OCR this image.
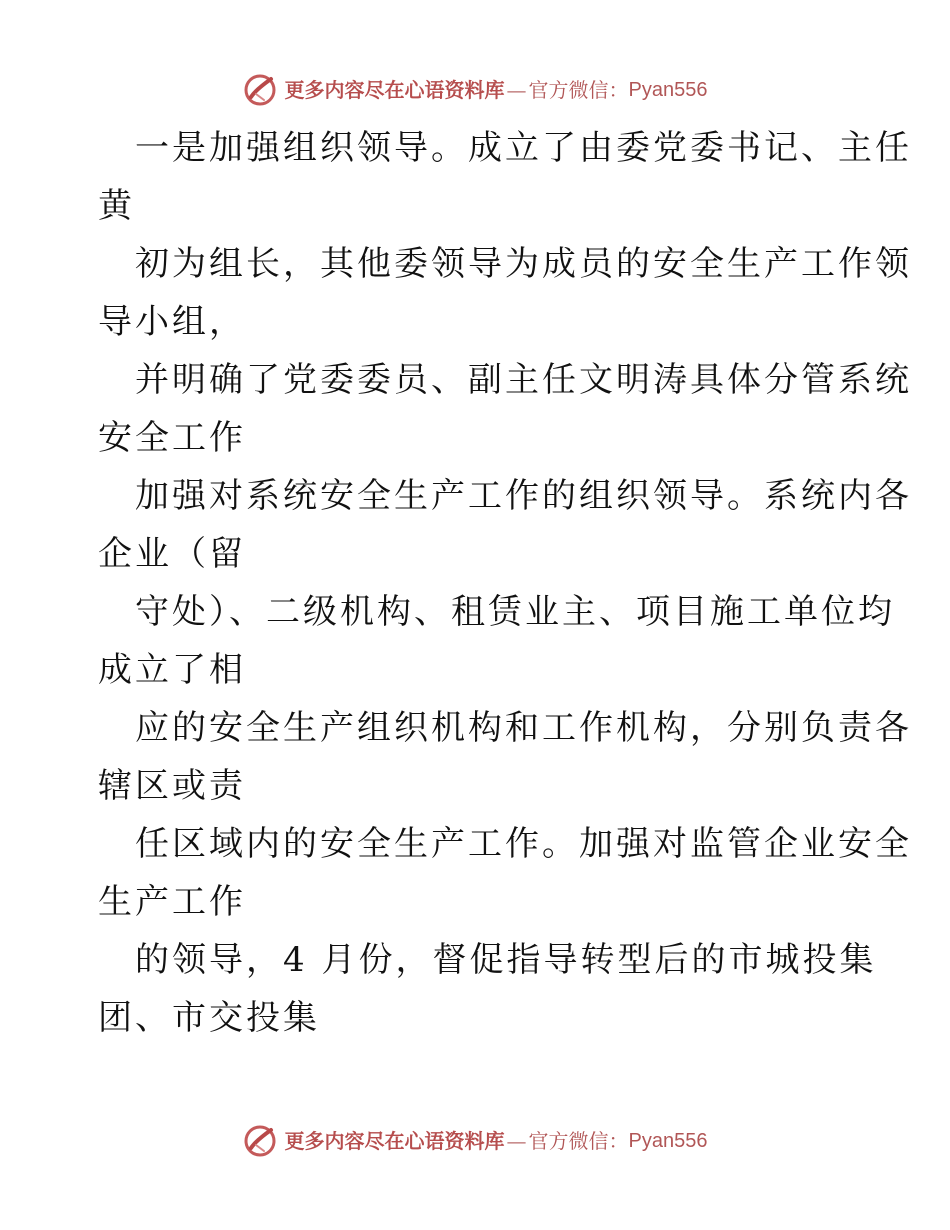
更多内容尽在心语资料库 — 官方微信： Pyan556
一是加强组织领导。成立了由委党委书记、主任
黄
初为组长，其他委领导为成员的安全生产工作领
导小组，
并明确了党委委员、副主任文明涛具体分管系统
安全工作
加强对系统安全生产工作的组织领导。系统内各
企业（留
守处）、二级机构、租赁业主、项目施工单位均
成立了相
应的安全生产组织机构和工作机构，分别负责各
辖区或责
任区域内的安全生产工作。加强对监管企业安全
生产工作
的领导，4 月份，督促指导转型后的市城投集
团、市交投集
更多内容尽在心语资料库 — 官方微信： Pyan556
